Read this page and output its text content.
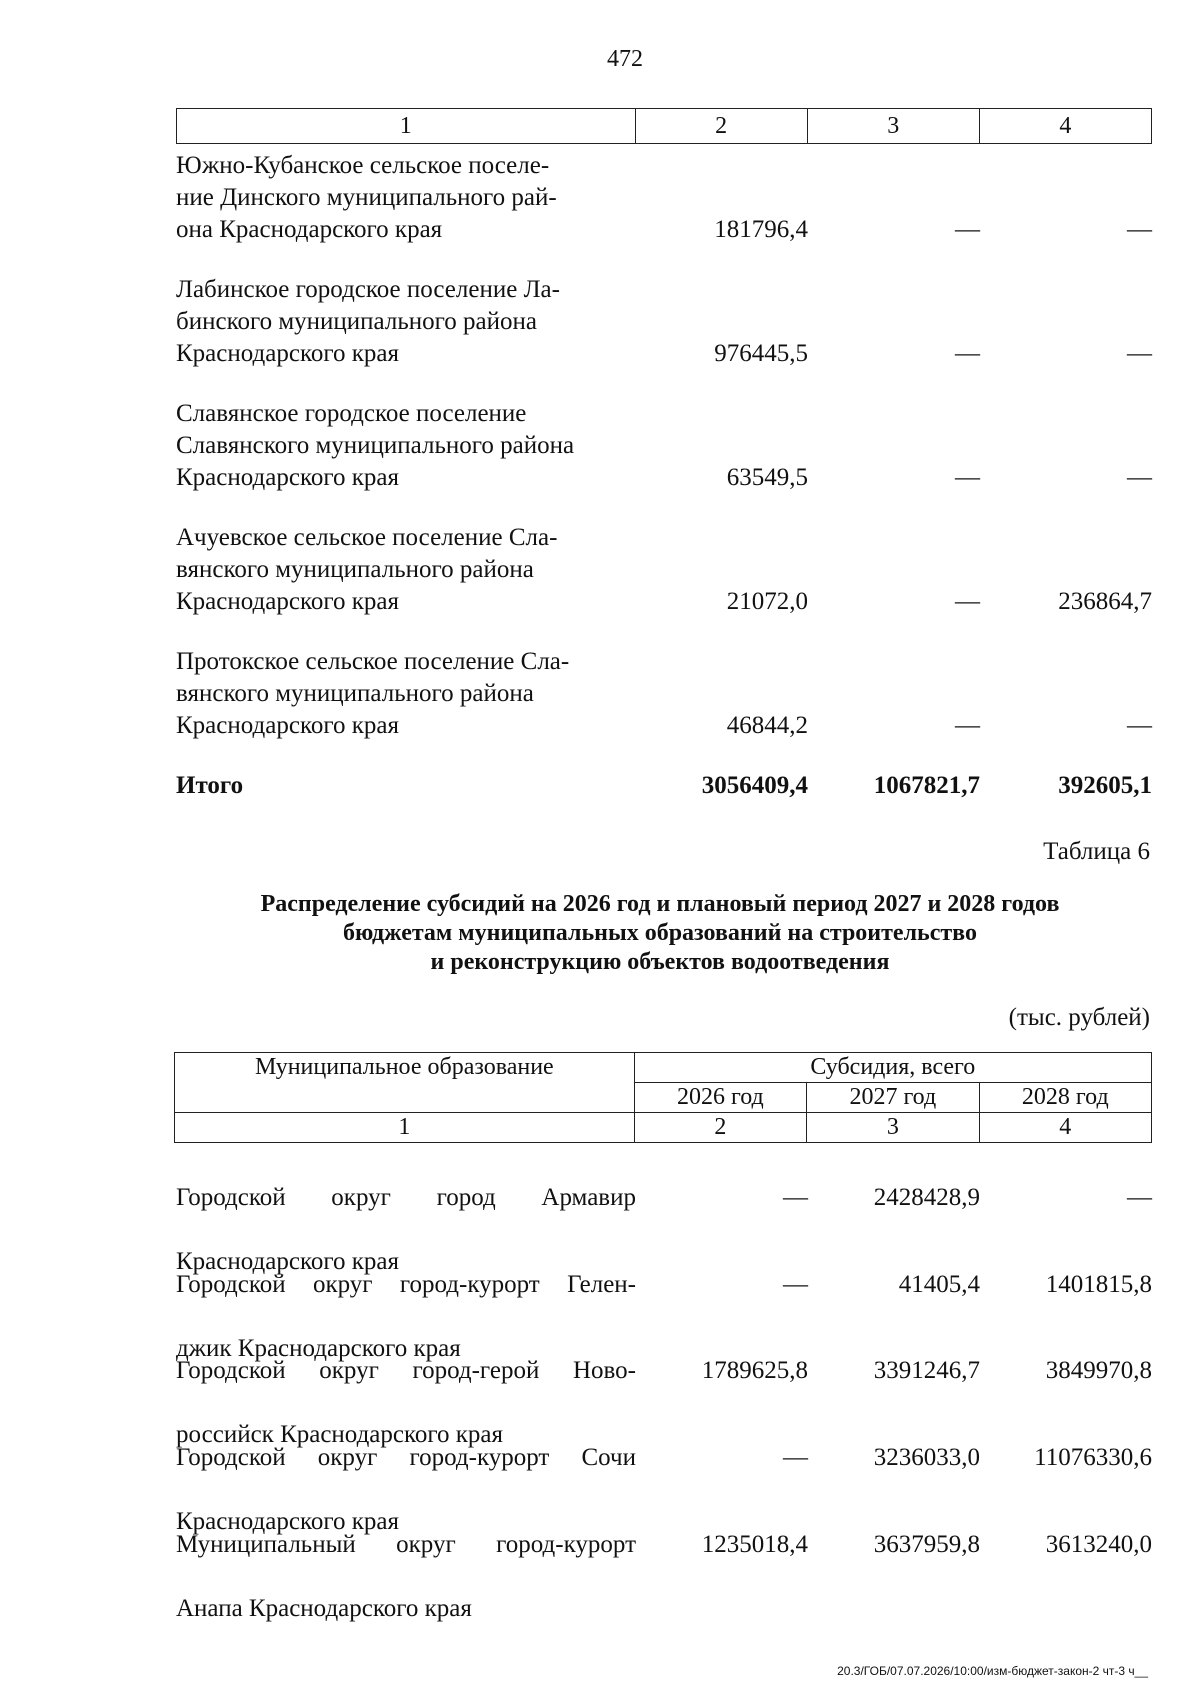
472
1	2	3	4
Южно-Кубанское сельское поселе-
ние Динского муниципального рай-
она Краснодарского края	181796,4	—	—
Лабинское городское поселение Ла-
бинского муниципального района
Краснодарского края	976445,5	—	—
Славянское городское поселение
Славянского муниципального района
Краснодарского края	63549,5	—	—
Ачуевское сельское поселение Сла-
вянского муниципального района
Краснодарского края	21072,0	—	236864,7
Протокское сельское поселение Сла-
вянского муниципального района
Краснодарского края	46844,2	—	—
Итого	3056409,4	1067821,7	392605,1
Таблица 6
Распределение субсидий на 2026 год и плановый период 2027 и 2028 годов
бюджетам муниципальных образований на строительство
и реконструкцию объектов водоотведения
(тыс. рублей)
Муниципальное образование	Субсидия, всего		
	2026 год	2027 год	2028 год
1	2	3	4

Городской округ город Армавир

Краснодарского края

—	2428428,9	—

Городской округ город-курорт Гелен-

джик Краснодарского края

—	41405,4	1401815,8

Городской округ город-герой Ново-

российск Краснодарского края

1789625,8	3391246,7	3849970,8

Городской округ город-курорт Сочи

Краснодарского края

—	3236033,0	11076330,6

Муниципальный округ город-курорт

Анапа Краснодарского края

1235018,4	3637959,8	3613240,0
20.3/ГОБ/07.07.2026/10:00/изм-бюджет-закон-2 чт-3 ч__
